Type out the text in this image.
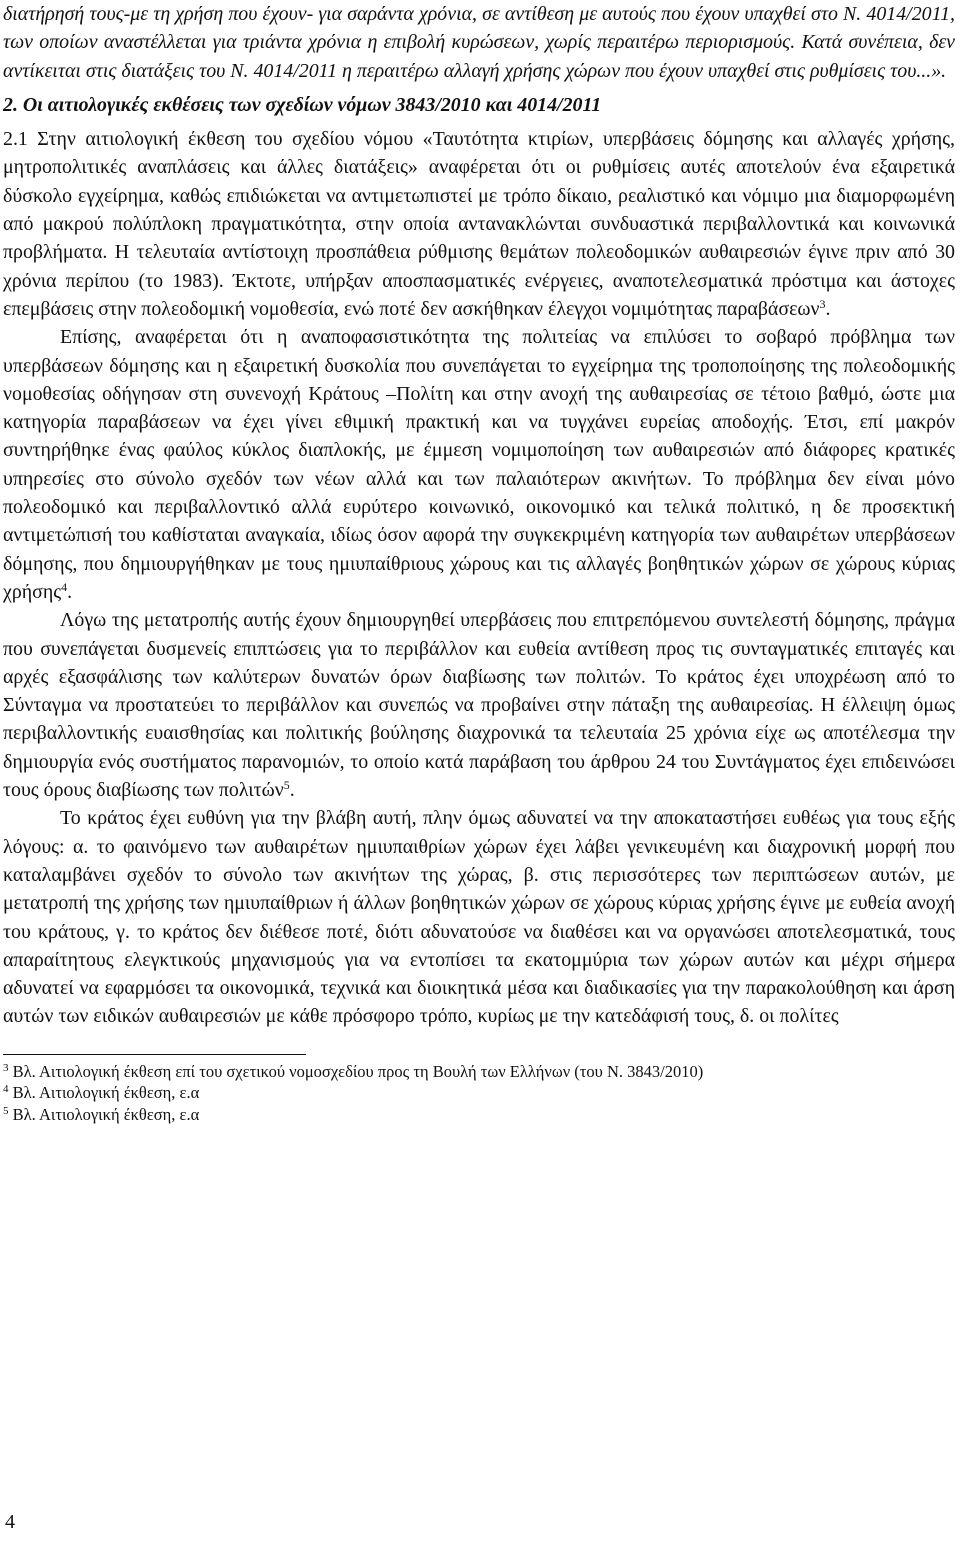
διατήρησή τους-με τη χρήση που έχουν- για σαράντα χρόνια, σε αντίθεση με αυτούς που έχουν υπαχθεί στο Ν. 4014/2011, των οποίων αναστέλλεται για τριάντα χρόνια η επιβολή κυρώσεων, χωρίς περαιτέρω περιορισμούς. Κατά συνέπεια, δεν αντίκειται στις διατάξεις του Ν. 4014/2011 η περαιτέρω αλλαγή χρήσης χώρων που έχουν υπαχθεί στις ρυθμίσεις του...».

2. Οι αιτιολογικές εκθέσεις των σχεδίων νόμων 3843/2010 και 4014/2011

2.1 Στην αιτιολογική έκθεση του σχεδίου νόμου «Ταυτότητα κτιρίων, υπερβάσεις δόμησης και αλλαγές χρήσης, μητροπολιτικές αναπλάσεις και άλλες διατάξεις» αναφέρεται ότι οι ρυθμίσεις αυτές αποτελούν ένα εξαιρετικά δύσκολο εγχείρημα, καθώς επιδιώκεται να αντιμετωπιστεί με τρόπο δίκαιο, ρεαλιστικό και νόμιμο μια διαμορφωμένη από μακρού πολύπλοκη πραγματικότητα, στην οποία αντανακλώνται συνδυαστικά περιβαλλοντικά και κοινωνικά προβλήματα. Η τελευταία αντίστοιχη προσπάθεια ρύθμισης θεμάτων πολεοδομικών αυθαιρεσιών έγινε πριν από 30 χρόνια περίπου (το 1983). Έκτοτε, υπήρξαν αποσπασματικές ενέργειες, αναποτελεσματικά πρόστιμα και άστοχες επεμβάσεις στην πολεοδομική νομοθεσία, ενώ ποτέ δεν ασκήθηκαν έλεγχοι νομιμότητας παραβάσεων$^3$.

Επίσης, αναφέρεται ότι η αναποφασιστικότητα της πολιτείας να επιλύσει το σοβαρό πρόβλημα των υπερβάσεων δόμησης και η εξαιρετική δυσκολία που συνεπάγεται το εγχείρημα της τροποποίησης της πολεοδομικής νομοθεσίας οδήγησαν στη συνενοχή Κράτους –Πολίτη και στην ανοχή της αυθαιρεσίας σε τέτοιο βαθμό, ώστε μια κατηγορία παραβάσεων να έχει γίνει εθιμική πρακτική και να τυγχάνει ευρείας αποδοχής. Έτσι, επί μακρόν συντηρήθηκε ένας φαύλος κύκλος διαπλοκής, με έμμεση νομιμοποίηση των αυθαιρεσιών από διάφορες κρατικές υπηρεσίες στο σύνολο σχεδόν των νέων αλλά και των παλαιότερων ακινήτων. Το πρόβλημα δεν είναι μόνο πολεοδομικό και περιβαλλοντικό αλλά ευρύτερο κοινωνικό, οικονομικό και τελικά πολιτικό, η δε προσεκτική αντιμετώπισή του καθίσταται αναγκαία, ιδίως όσον αφορά την συγκεκριμένη κατηγορία των αυθαιρέτων υπερβάσεων δόμησης, που δημιουργήθηκαν με τους ημιυπαίθριους χώρους και τις αλλαγές βοηθητικών χώρων σε χώρους κύριας χρήσης$^4$.

Λόγω της μετατροπής αυτής έχουν δημιουργηθεί υπερβάσεις που επιτρεπόμενου συντελεστή δόμησης, πράγμα που συνεπάγεται δυσμενείς επιπτώσεις για το περιβάλλον και ευθεία αντίθεση προς τις συνταγματικές επιταγές και αρχές εξασφάλισης των καλύτερων δυνατών όρων διαβίωσης των πολιτών. Το κράτος έχει υποχρέωση από το Σύνταγμα να προστατεύει το περιβάλλον και συνεπώς να προβαίνει στην πάταξη της αυθαιρεσίας. Η έλλειψη όμως περιβαλλοντικής ευαισθησίας και πολιτικής βούλησης διαχρονικά τα τελευταία 25 χρόνια είχε ως αποτέλεσμα την δημιουργία ενός συστήματος παρανομιών, το οποίο κατά παράβαση του άρθρου 24 του Συντάγματος έχει επιδεινώσει τους όρους διαβίωσης των πολιτών$^5$.

Το κράτος έχει ευθύνη για την βλάβη αυτή, πλην όμως αδυνατεί να την αποκαταστήσει ευθέως για τους εξής λόγους: α. το φαινόμενο των αυθαιρέτων ημιυπαιθρίων χώρων έχει λάβει γενικευμένη και διαχρονική μορφή που καταλαμβάνει σχεδόν το σύνολο των ακινήτων της χώρας, β. στις περισσότερες των περιπτώσεων αυτών, με μετατροπή της χρήσης των ημιυπαίθριων ή άλλων βοηθητικών χώρων σε χώρους κύριας χρήσης έγινε με ευθεία ανοχή του κράτους, γ. το κράτος δεν διέθεσε ποτέ, διότι αδυνατούσε να διαθέσει και να οργανώσει αποτελεσματικά, τους απαραίτητους ελεγκτικούς μηχανισμούς για να εντοπίσει τα εκατομμύρια των χώρων αυτών και μέχρι σήμερα αδυνατεί να εφαρμόσει τα οικονομικά, τεχνικά και διοικητικά μέσα και διαδικασίες για την παρακολούθηση και άρση αυτών των ειδικών αυθαιρεσιών με κάθε πρόσφορο τρόπο, κυρίως με την κατεδάφισή τους, δ. οι πολίτες

$^3$ Βλ. Αιτιολογική έκθεση επί του σχετικού νομοσχεδίου προς τη Βουλή των Ελλήνων (του Ν. 3843/2010)

$^4$ Βλ. Αιτιολογική έκθεση, ε.α

$^5$ Βλ. Αιτιολογική έκθεση, ε.α

4
